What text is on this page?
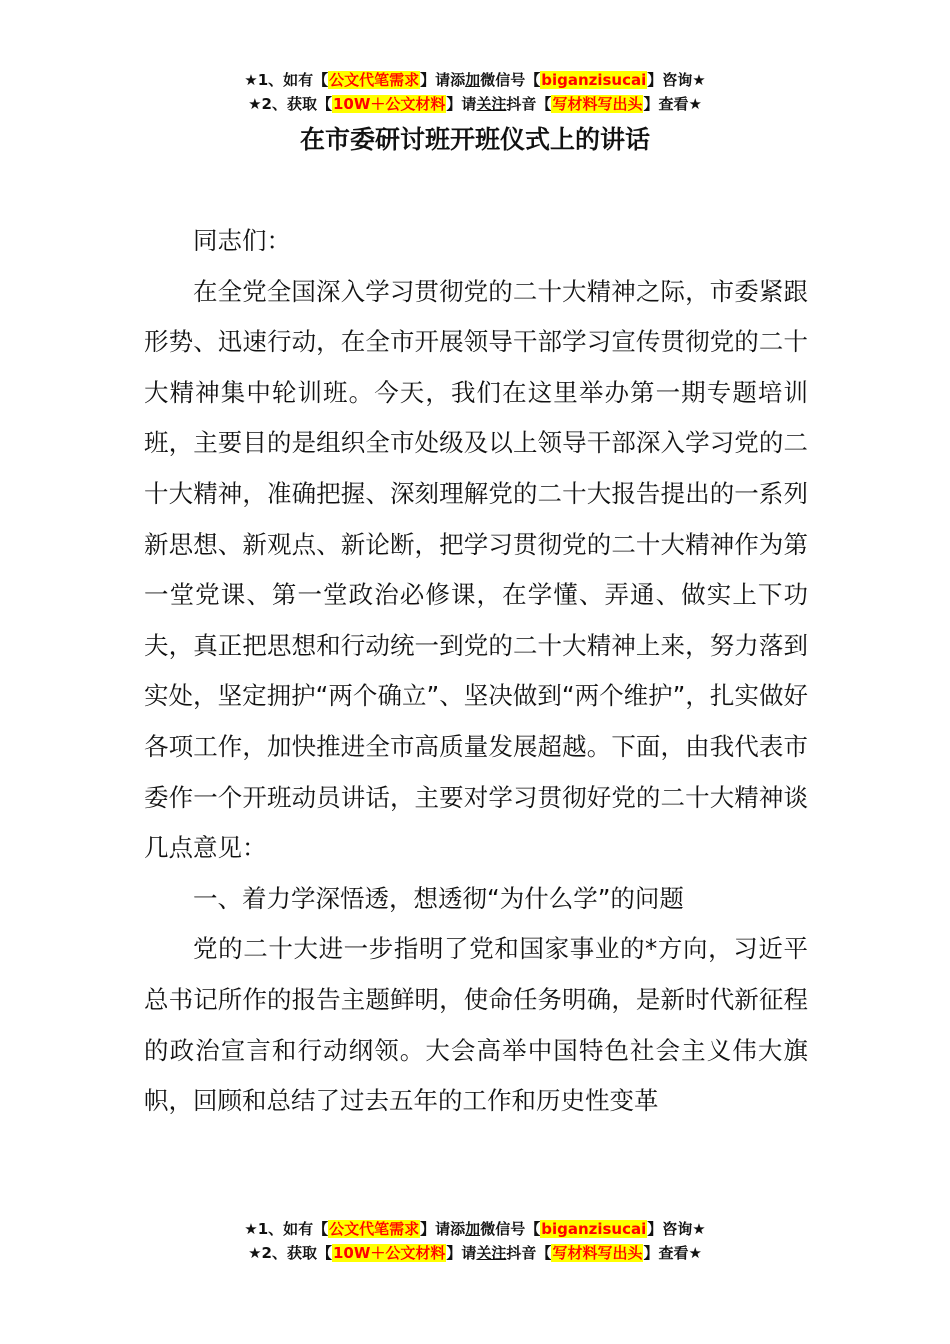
★1、如有【公文代笔需求】请添加微信号【biganzisucai】咨询★
★2、获取【10W＋公文材料】请关注抖音【写材料写出头】查看★
在市委研讨班开班仪式上的讲话

同志们：

在全党全国深入学习贯彻党的二十大精神之际，市委紧跟形势、迅速行动，在全市开展领导干部学习宣传贯彻党的二十大精神集中轮训班。今天，我们在这里举办第一期专题培训班，主要目的是组织全市处级及以上领导干部深入学习党的二十大精神，准确把握、深刻理解党的二十大报告提出的一系列新思想、新观点、新论断，把学习贯彻党的二十大精神作为第一堂党课、第一堂政治必修课，在学懂、弄通、做实上下功夫，真正把思想和行动统一到党的二十大精神上来，努力落到实处，坚定拥护“两个确立”、坚决做到“两个维护”，扎实做好各项工作，加快推进全市高质量发展超越。下面，由我代表市委作一个开班动员讲话，主要对学习贯彻好党的二十大精神谈几点意见：

一、着力学深悟透，想透彻“为什么学”的问题

党的二十大进一步指明了党和国家事业的*方向，习近平总书记所作的报告主题鲜明，使命任务明确，是新时代新征程的政治宣言和行动纲领。大会高举中国特色社会主义伟大旗帜，回顾和总结了过去五年的工作和历史性变革

★1、如有【公文代笔需求】请添加微信号【biganzisucai】咨询★
★2、获取【10W＋公文材料】请关注抖音【写材料写出头】查看★
